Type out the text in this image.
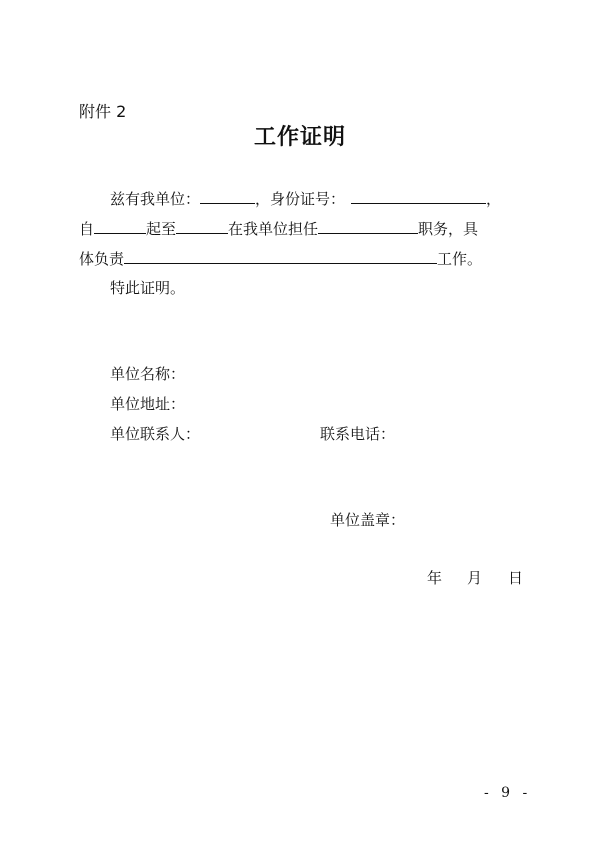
附件 2
工作证明
兹有我单位：	，身份证号：	，
自	起至	在我单位担任	职务，具
体负责	工作。
特此证明。
单位名称：
单位地址：
单位联系人：	联系电话：
单位盖章：
年 月 日
- 9 -
